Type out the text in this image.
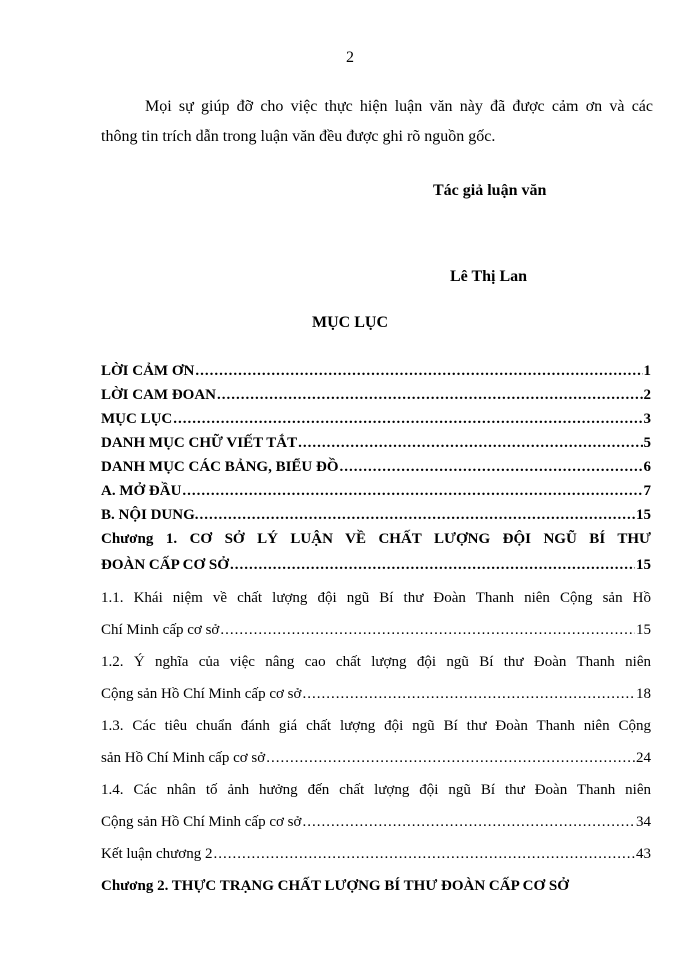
2
Mọi sự giúp đỡ cho việc thực hiện luận văn này đã được cảm ơn và các
thông tin trích dẫn trong luận văn đều được ghi rõ nguồn gốc.
Tác giả luận văn
Lê Thị Lan
MỤC LỤC
LỜI CẢM ƠN .....	1
LỜI CAM ĐOAN .....	2
MỤC LỤC .....	3
DANH MỤC CHỮ VIẾT TẮT .....	5
DANH MỤC CÁC BẢNG, BIỂU ĐỒ .....	6
A. MỞ ĐẦU .....	7
B. NỘI DUNG. .....	15
Chương 1. CƠ SỞ LÝ LUẬN VỀ CHẤT LƯỢNG ĐỘI NGŨ BÍ THƯ
ĐOÀN CẤP CƠ SỞ .....	15
1.1. Khái niệm về chất lượng đội ngũ Bí thư Đoàn Thanh niên Cộng sản Hồ
Chí Minh cấp cơ sở .....	15
1.2. Ý nghĩa của việc nâng cao chất lượng đội ngũ Bí thư Đoàn Thanh niên
Cộng sản Hồ Chí Minh cấp cơ sở .....	18
1.3. Các tiêu chuẩn đánh giá chất lượng đội ngũ Bí thư Đoàn Thanh niên Cộng
sản Hồ Chí Minh cấp cơ sở .....	24
1.4. Các nhân tố ảnh hưởng đến chất lượng đội ngũ Bí thư Đoàn Thanh niên
Cộng sản Hồ Chí Minh cấp cơ sở .....	34
Kết luận chương 2 .....	43
Chương 2. THỰC TRẠNG CHẤT LƯỢNG BÍ THƯ ĐOÀN CẤP CƠ SỞ
